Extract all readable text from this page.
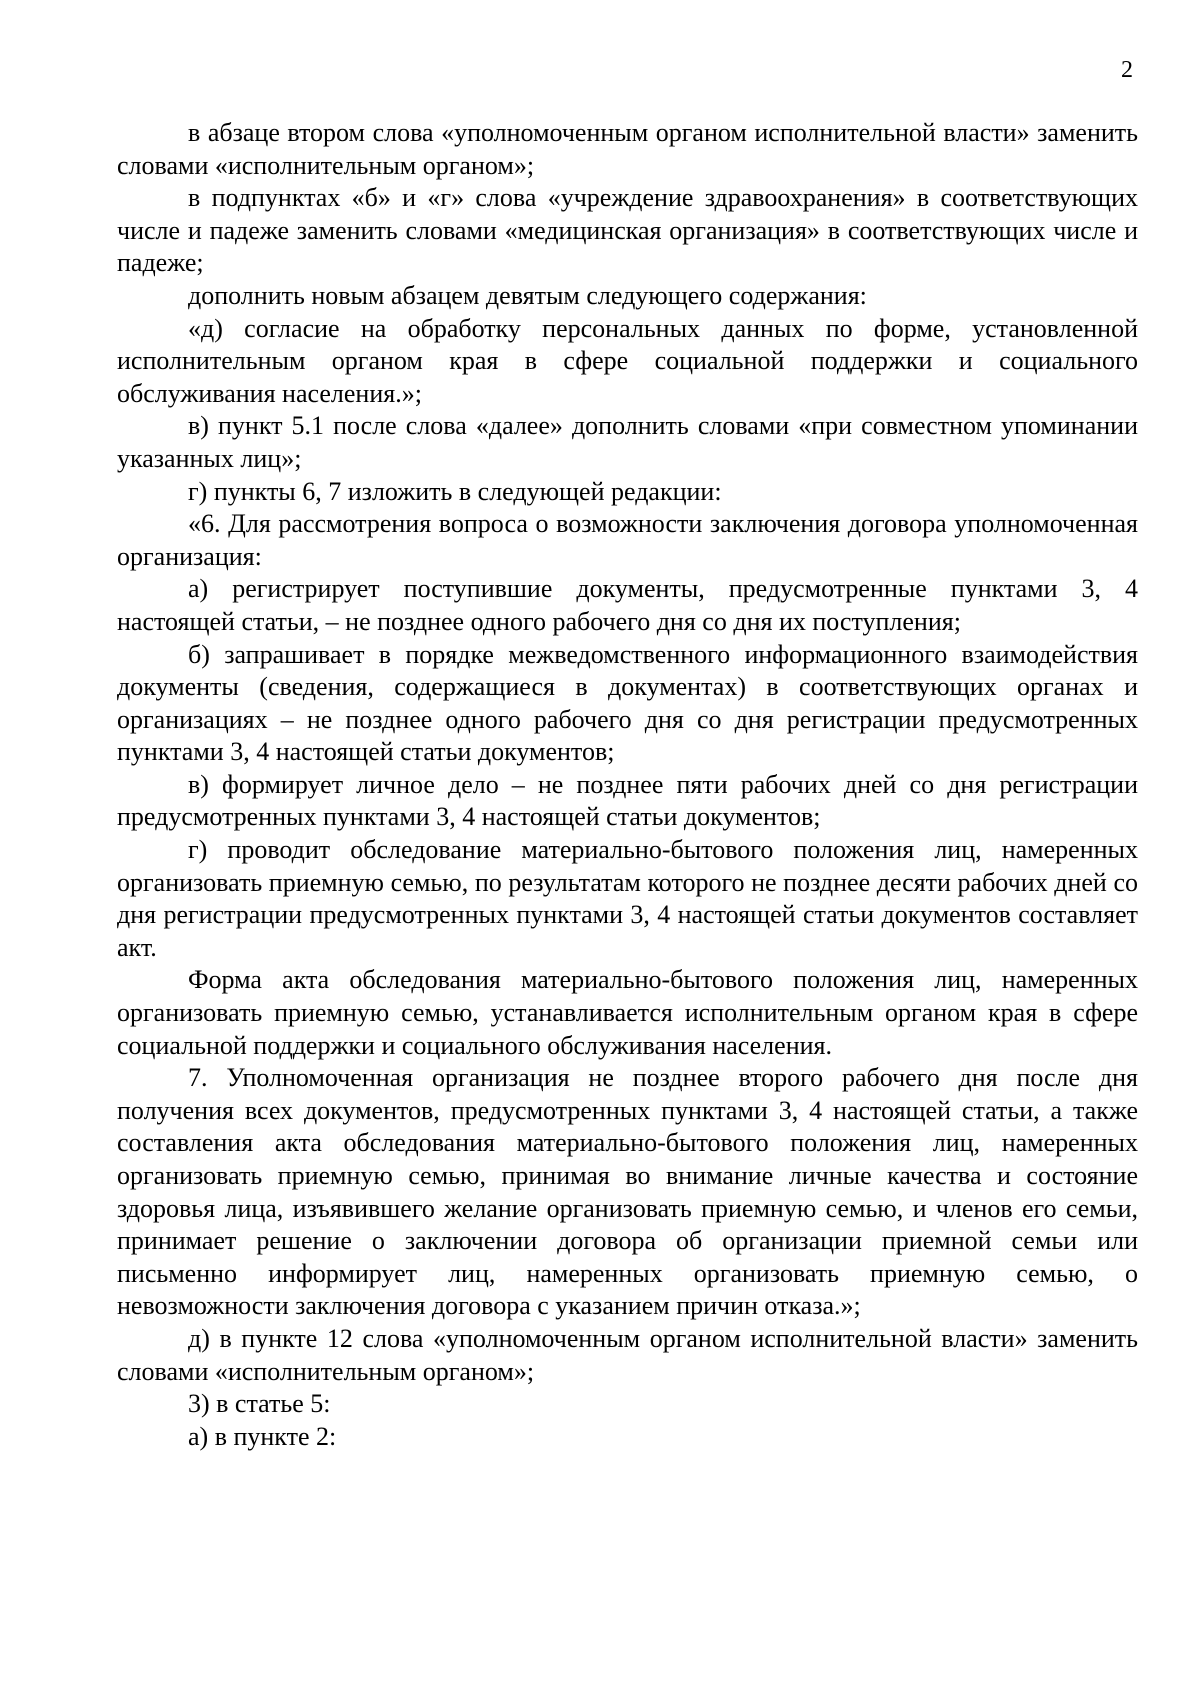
2

в абзаце втором слова «уполномоченным органом исполнительной власти» заменить словами «исполнительным органом»;

в подпунктах «б» и «г» слова «учреждение здравоохранения» в соответствующих числе и падеже заменить словами «медицинская организация» в соответствующих числе и падеже;

дополнить новым абзацем девятым следующего содержания:

«д) согласие на обработку персональных данных по форме, установленной исполнительным органом края в сфере социальной поддержки и социального обслуживания населения.»;

в) пункт 5.1 после слова «далее» дополнить словами «при совместном упоминании указанных лиц»;

г) пункты 6, 7 изложить в следующей редакции:

«6. Для рассмотрения вопроса о возможности заключения договора уполномоченная организация:

а) регистрирует поступившие документы, предусмотренные пунктами 3, 4 настоящей статьи, – не позднее одного рабочего дня со дня их поступления;

б) запрашивает в порядке межведомственного информационного взаимодействия документы (сведения, содержащиеся в документах) в соответствующих органах и организациях – не позднее одного рабочего дня со дня регистрации предусмотренных пунктами 3, 4 настоящей статьи документов;

в) формирует личное дело – не позднее пяти рабочих дней со дня регистрации предусмотренных пунктами 3, 4 настоящей статьи документов;

г) проводит обследование материально-бытового положения лиц, намеренных организовать приемную семью, по результатам которого не позднее десяти рабочих дней со дня регистрации предусмотренных пунктами 3, 4 настоящей статьи документов составляет акт.

Форма акта обследования материально-бытового положения лиц, намеренных организовать приемную семью, устанавливается исполнительным органом края в сфере социальной поддержки и социального обслуживания населения.

7. Уполномоченная организация не позднее второго рабочего дня после дня получения всех документов, предусмотренных пунктами 3, 4 настоящей статьи, а также составления акта обследования материально-бытового положения лиц, намеренных организовать приемную семью, принимая во внимание личные качества и состояние здоровья лица, изъявившего желание организовать приемную семью, и членов его семьи, принимает решение о заключении договора об организации приемной семьи или письменно информирует лиц, намеренных организовать приемную семью, о невозможности заключения договора с указанием причин отказа.»;

д) в пункте 12 слова «уполномоченным органом исполнительной власти» заменить словами «исполнительным органом»;

3) в статье 5:

а) в пункте 2:
